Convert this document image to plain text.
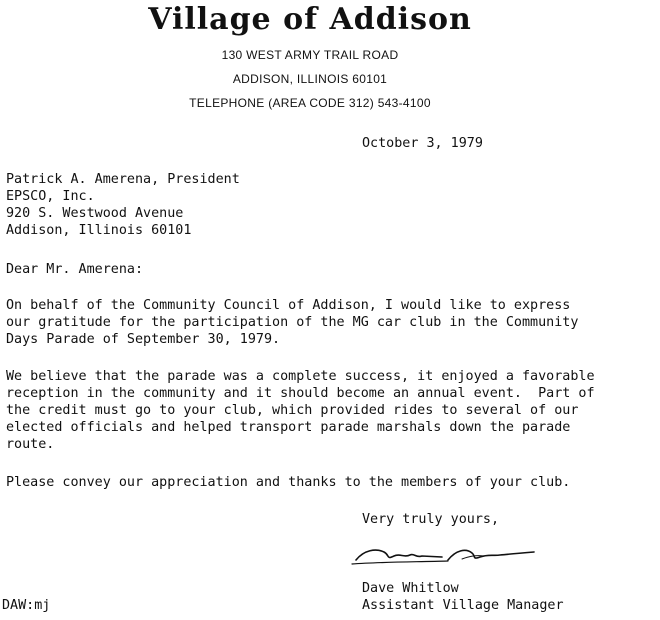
Village of Addison
130 WEST ARMY TRAIL ROAD
ADDISON, ILLINOIS 60101
TELEPHONE (AREA CODE 312) 543-4100
October 3, 1979
Patrick A. Amerena, President
EPSCO, Inc.
920 S. Westwood Avenue
Addison, Illinois 60101
Dear Mr. Amerena:
On behalf of the Community Council of Addison, I would like to express
our gratitude for the participation of the MG car club in the Community
Days Parade of September 30, 1979.
We believe that the parade was a complete success, it enjoyed a favorable
reception in the community and it should become an annual event.  Part of
the credit must go to your club, which provided rides to several of our
elected officials and helped transport parade marshals down the parade
route.
Please convey our appreciation and thanks to the members of your club.
Very truly yours,
Dave Whitlow
Assistant Village Manager
DAW:mj
